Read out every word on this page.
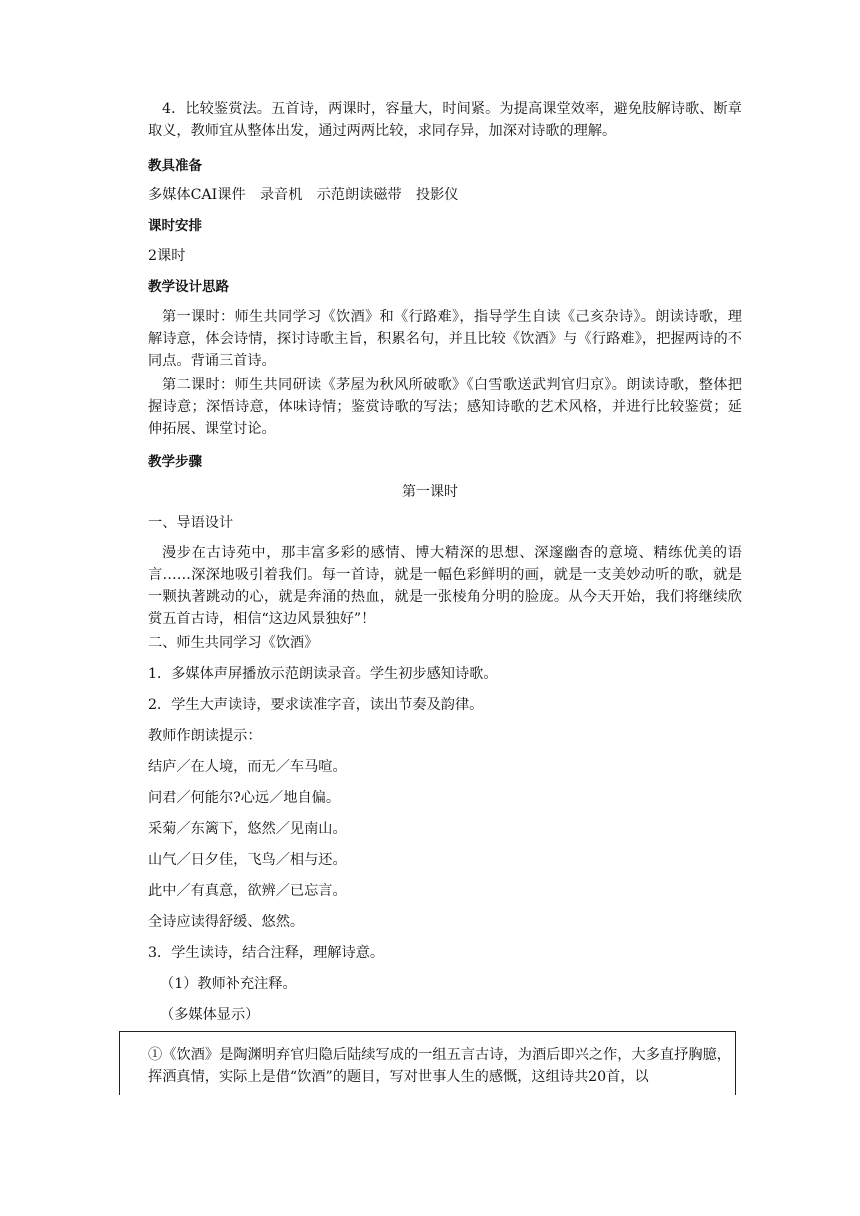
4．比较鉴赏法。五首诗，两课时，容量大，时间紧。为提高课堂效率，避免肢解诗歌、断章取义，教师宜从整体出发，通过两两比较，求同存异，加深对诗歌的理解。
教具准备
多媒体CAI课件　录音机　示范朗读磁带　投影仪
课时安排
2课时
教学设计思路
第一课时：师生共同学习《饮酒》和《行路难》，指导学生自读《己亥杂诗》。朗读诗歌，理解诗意，体会诗情，探讨诗歌主旨，积累名句，并且比较《饮酒》与《行路难》，把握两诗的不同点。背诵三首诗。
第二课时：师生共同研读《茅屋为秋风所破歌》《白雪歌送武判官归京》。朗读诗歌，整体把握诗意；深悟诗意，体味诗情；鉴赏诗歌的写法；感知诗歌的艺术风格，并进行比较鉴赏；延伸拓展、课堂讨论。
教学步骤
第一课时
一、导语设计
漫步在古诗苑中，那丰富多彩的感情、博大精深的思想、深邃幽杳的意境、精练优美的语言……深深地吸引着我们。每一首诗，就是一幅色彩鲜明的画，就是一支美妙动听的歌，就是一颗执著跳动的心，就是奔涌的热血，就是一张棱角分明的脸庞。从今天开始，我们将继续欣赏五首古诗，相信“这边风景独好”！
二、师生共同学习《饮酒》
1．多媒体声屏播放示范朗读录音。学生初步感知诗歌。
2．学生大声读诗，要求读准字音，读出节奏及韵律。
教师作朗读提示：
结庐／在人境，而无／车马喧。
问君／何能尔?心远／地自偏。
采菊／东篱下，悠然／见南山。
山气／日夕佳，飞鸟／相与还。
此中／有真意，欲辨／已忘言。
全诗应读得舒缓、悠然。
3．学生读诗，结合注释，理解诗意。
（1）教师补充注释。
（多媒体显示）
①《饮酒》是陶渊明弃官归隐后陆续写成的一组五言古诗，为酒后即兴之作，大多直抒胸臆，挥洒真情，实际上是借“饮酒”的题目，写对世事人生的感慨，这组诗共20首，以
